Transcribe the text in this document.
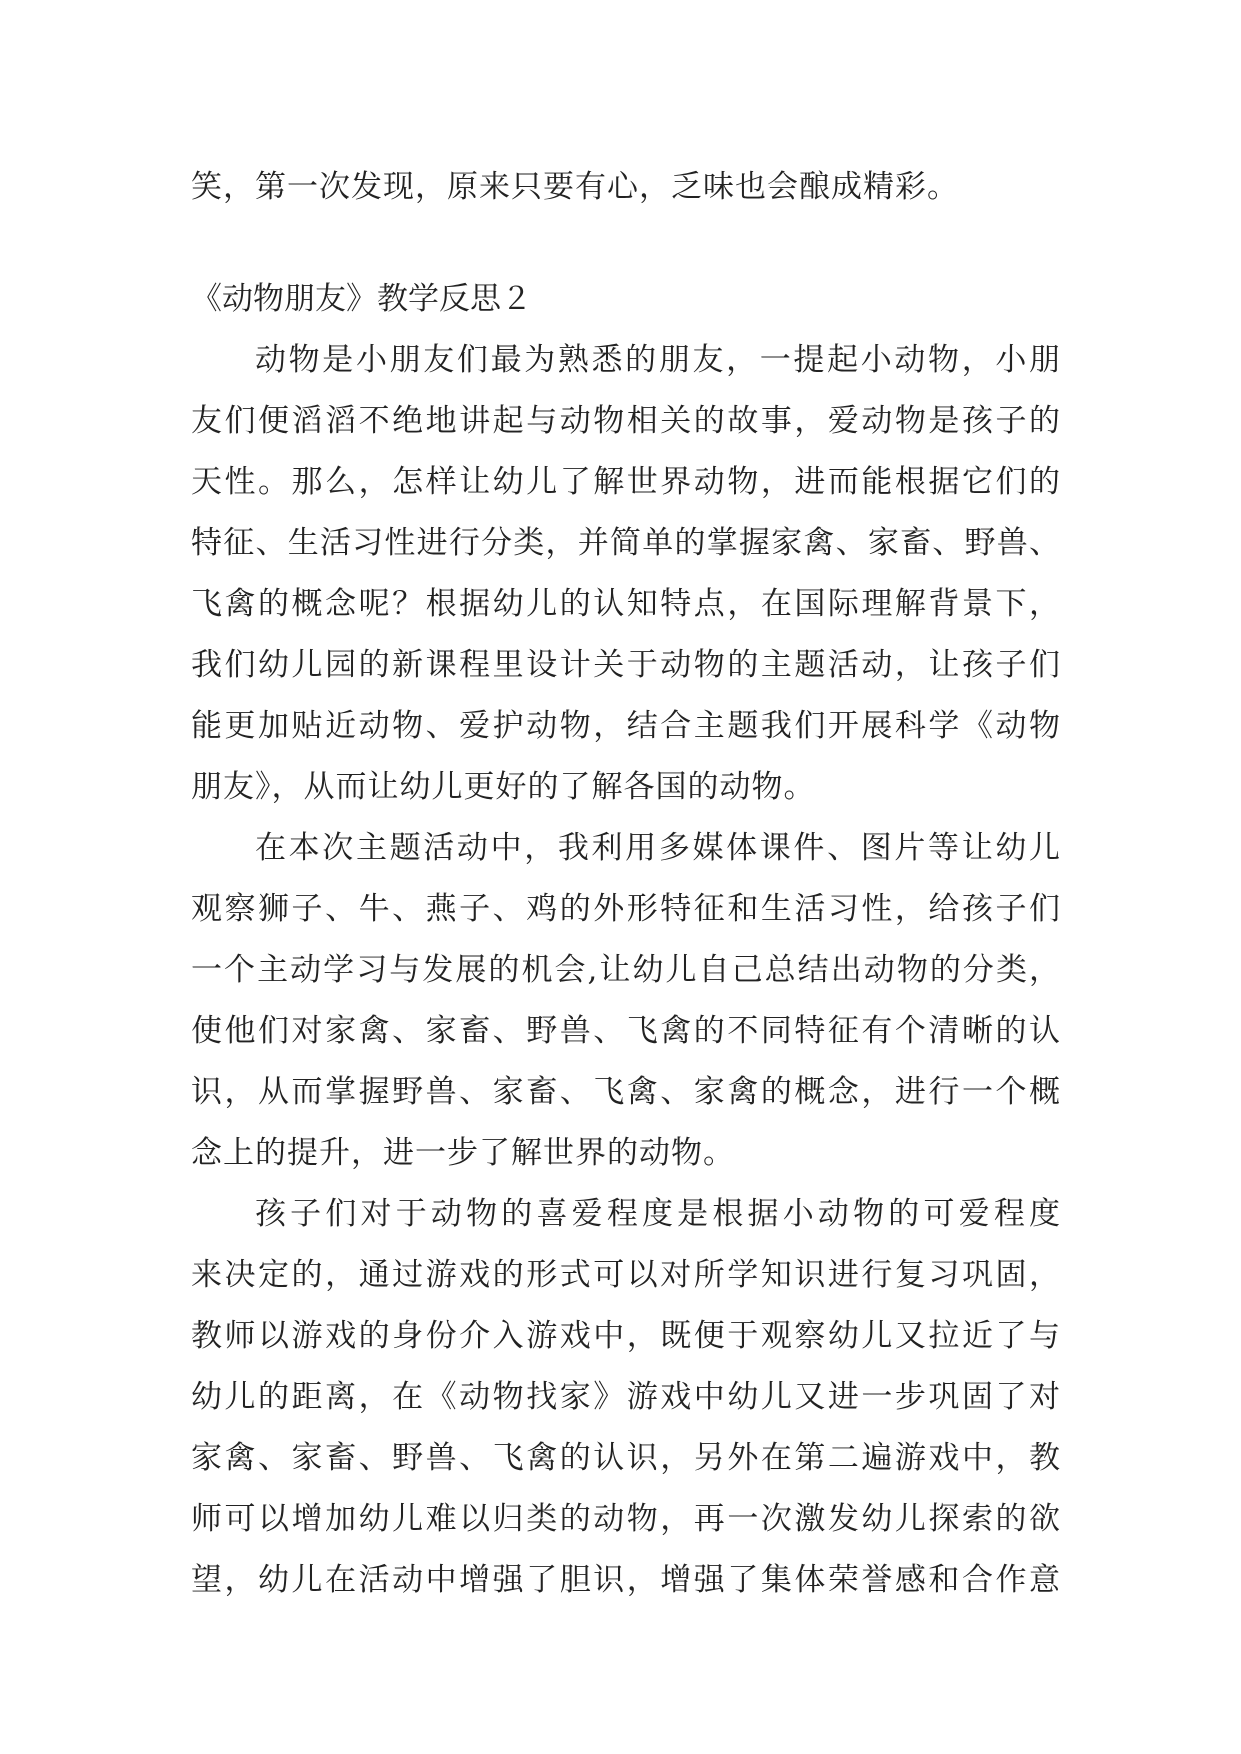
笑，第一次发现，原来只要有心，乏味也会酿成精彩。
《动物朋友》教学反思２
动物是小朋友们最为熟悉的朋友，一提起小动物，小朋
友们便滔滔不绝地讲起与动物相关的故事，爱动物是孩子的
天性。那么，怎样让幼儿了解世界动物，进而能根据它们的
特征、生活习性进行分类，并简单的掌握家禽、家畜、野兽、
飞禽的概念呢？根据幼儿的认知特点，在国际理解背景下，
我们幼儿园的新课程里设计关于动物的主题活动，让孩子们
能更加贴近动物、爱护动物，结合主题我们开展科学《动物
朋友》，从而让幼儿更好的了解各国的动物。
在本次主题活动中，我利用多媒体课件、图片等让幼儿
观察狮子、牛、燕子、鸡的外形特征和生活习性，给孩子们
一个主动学习与发展的机会,让幼儿自己总结出动物的分类，
使他们对家禽、家畜、野兽、飞禽的不同特征有个清晰的认
识，从而掌握野兽、家畜、飞禽、家禽的概念，进行一个概
念上的提升，进一步了解世界的动物。
孩子们对于动物的喜爱程度是根据小动物的可爱程度
来决定的，通过游戏的形式可以对所学知识进行复习巩固，
教师以游戏的身份介入游戏中，既便于观察幼儿又拉近了与
幼儿的距离，在《动物找家》游戏中幼儿又进一步巩固了对
家禽、家畜、野兽、飞禽的认识，另外在第二遍游戏中，教
师可以增加幼儿难以归类的动物，再一次激发幼儿探索的欲
望，幼儿在活动中增强了胆识，增强了集体荣誉感和合作意
